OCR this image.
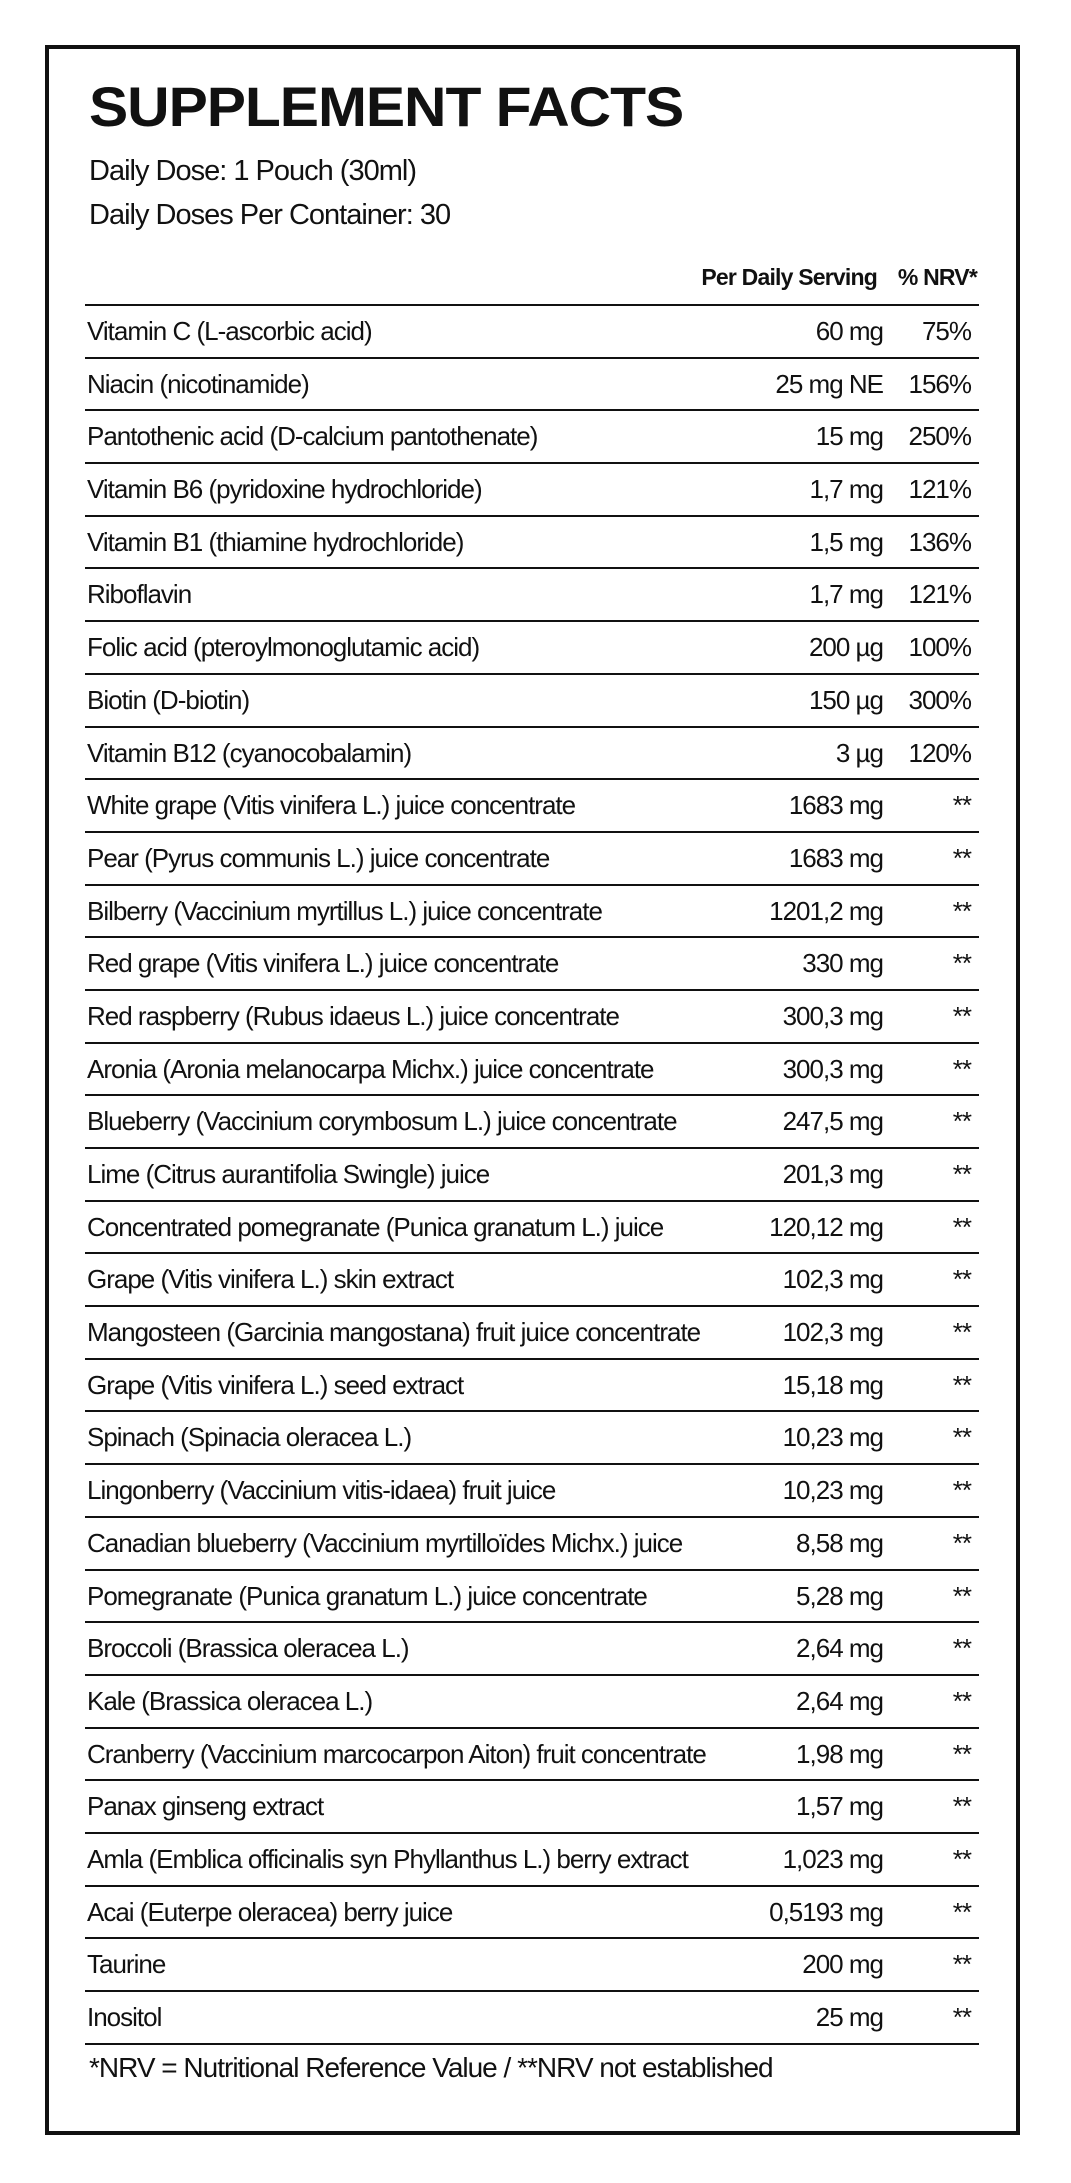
SUPPLEMENT FACTS
Daily Dose: 1 Pouch (30ml)
Daily Doses Per Container: 30
Per Daily Serving % NRV*
Vitamin C (L-ascorbic acid)	60 mg 75%
Niacin (nicotinamide)	25 mg NE 156%
Pantothenic acid (D-calcium pantothenate)	15 mg 250%
Vitamin B6 (pyridoxine hydrochloride)	1,7 mg 121%
Vitamin B1 (thiamine hydrochloride)	1,5 mg 136%
Riboflavin	1,7 mg 121%
Folic acid (pteroylmonoglutamic acid)	200 µg 100%
Biotin (D-biotin)	150 µg 300%
Vitamin B12 (cyanocobalamin)	3 µg 120%
White grape (Vitis vinifera L.) juice concentrate	1683 mg	**
Pear (Pyrus communis L.) juice concentrate	1683 mg	**
Bilberry (Vaccinium myrtillus L.) juice concentrate	1201,2 mg	**
Red grape (Vitis vinifera L.) juice concentrate	330 mg	**
Red raspberry (Rubus idaeus L.) juice concentrate	300,3 mg	**
Aronia (Aronia melanocarpa Michx.) juice concentrate	300,3 mg	**
Blueberry (Vaccinium corymbosum L.) juice concentrate	247,5 mg	**
Lime (Citrus aurantifolia Swingle) juice	201,3 mg	**
Concentrated pomegranate (Punica granatum L.) juice	120,12 mg	**
Grape (Vitis vinifera L.) skin extract	102,3 mg	**
Mangosteen (Garcinia mangostana) fruit juice concentrate	102,3 mg	**
Grape (Vitis vinifera L.) seed extract	15,18 mg	**
Spinach (Spinacia oleracea L.)	10,23 mg	**
Lingonberry (Vaccinium vitis-idaea) fruit juice	10,23 mg	**
Canadian blueberry (Vaccinium myrtilloïdes Michx.) juice	8,58 mg	**
Pomegranate (Punica granatum L.) juice concentrate	5,28 mg	**
Broccoli (Brassica oleracea L.)	2,64 mg	**
Kale (Brassica oleracea L.)	2,64 mg	**
Cranberry (Vaccinium marcocarpon Aiton) fruit concentrate	1,98 mg	**
Panax ginseng extract	1,57 mg	**
Amla (Emblica officinalis syn Phyllanthus L.) berry extract	1,023 mg	**
Acai (Euterpe oleracea) berry juice	0,5193 mg	**
Taurine	200 mg	**
Inositol	25 mg	**
*NRV = Nutritional Reference Value / **NRV not established
